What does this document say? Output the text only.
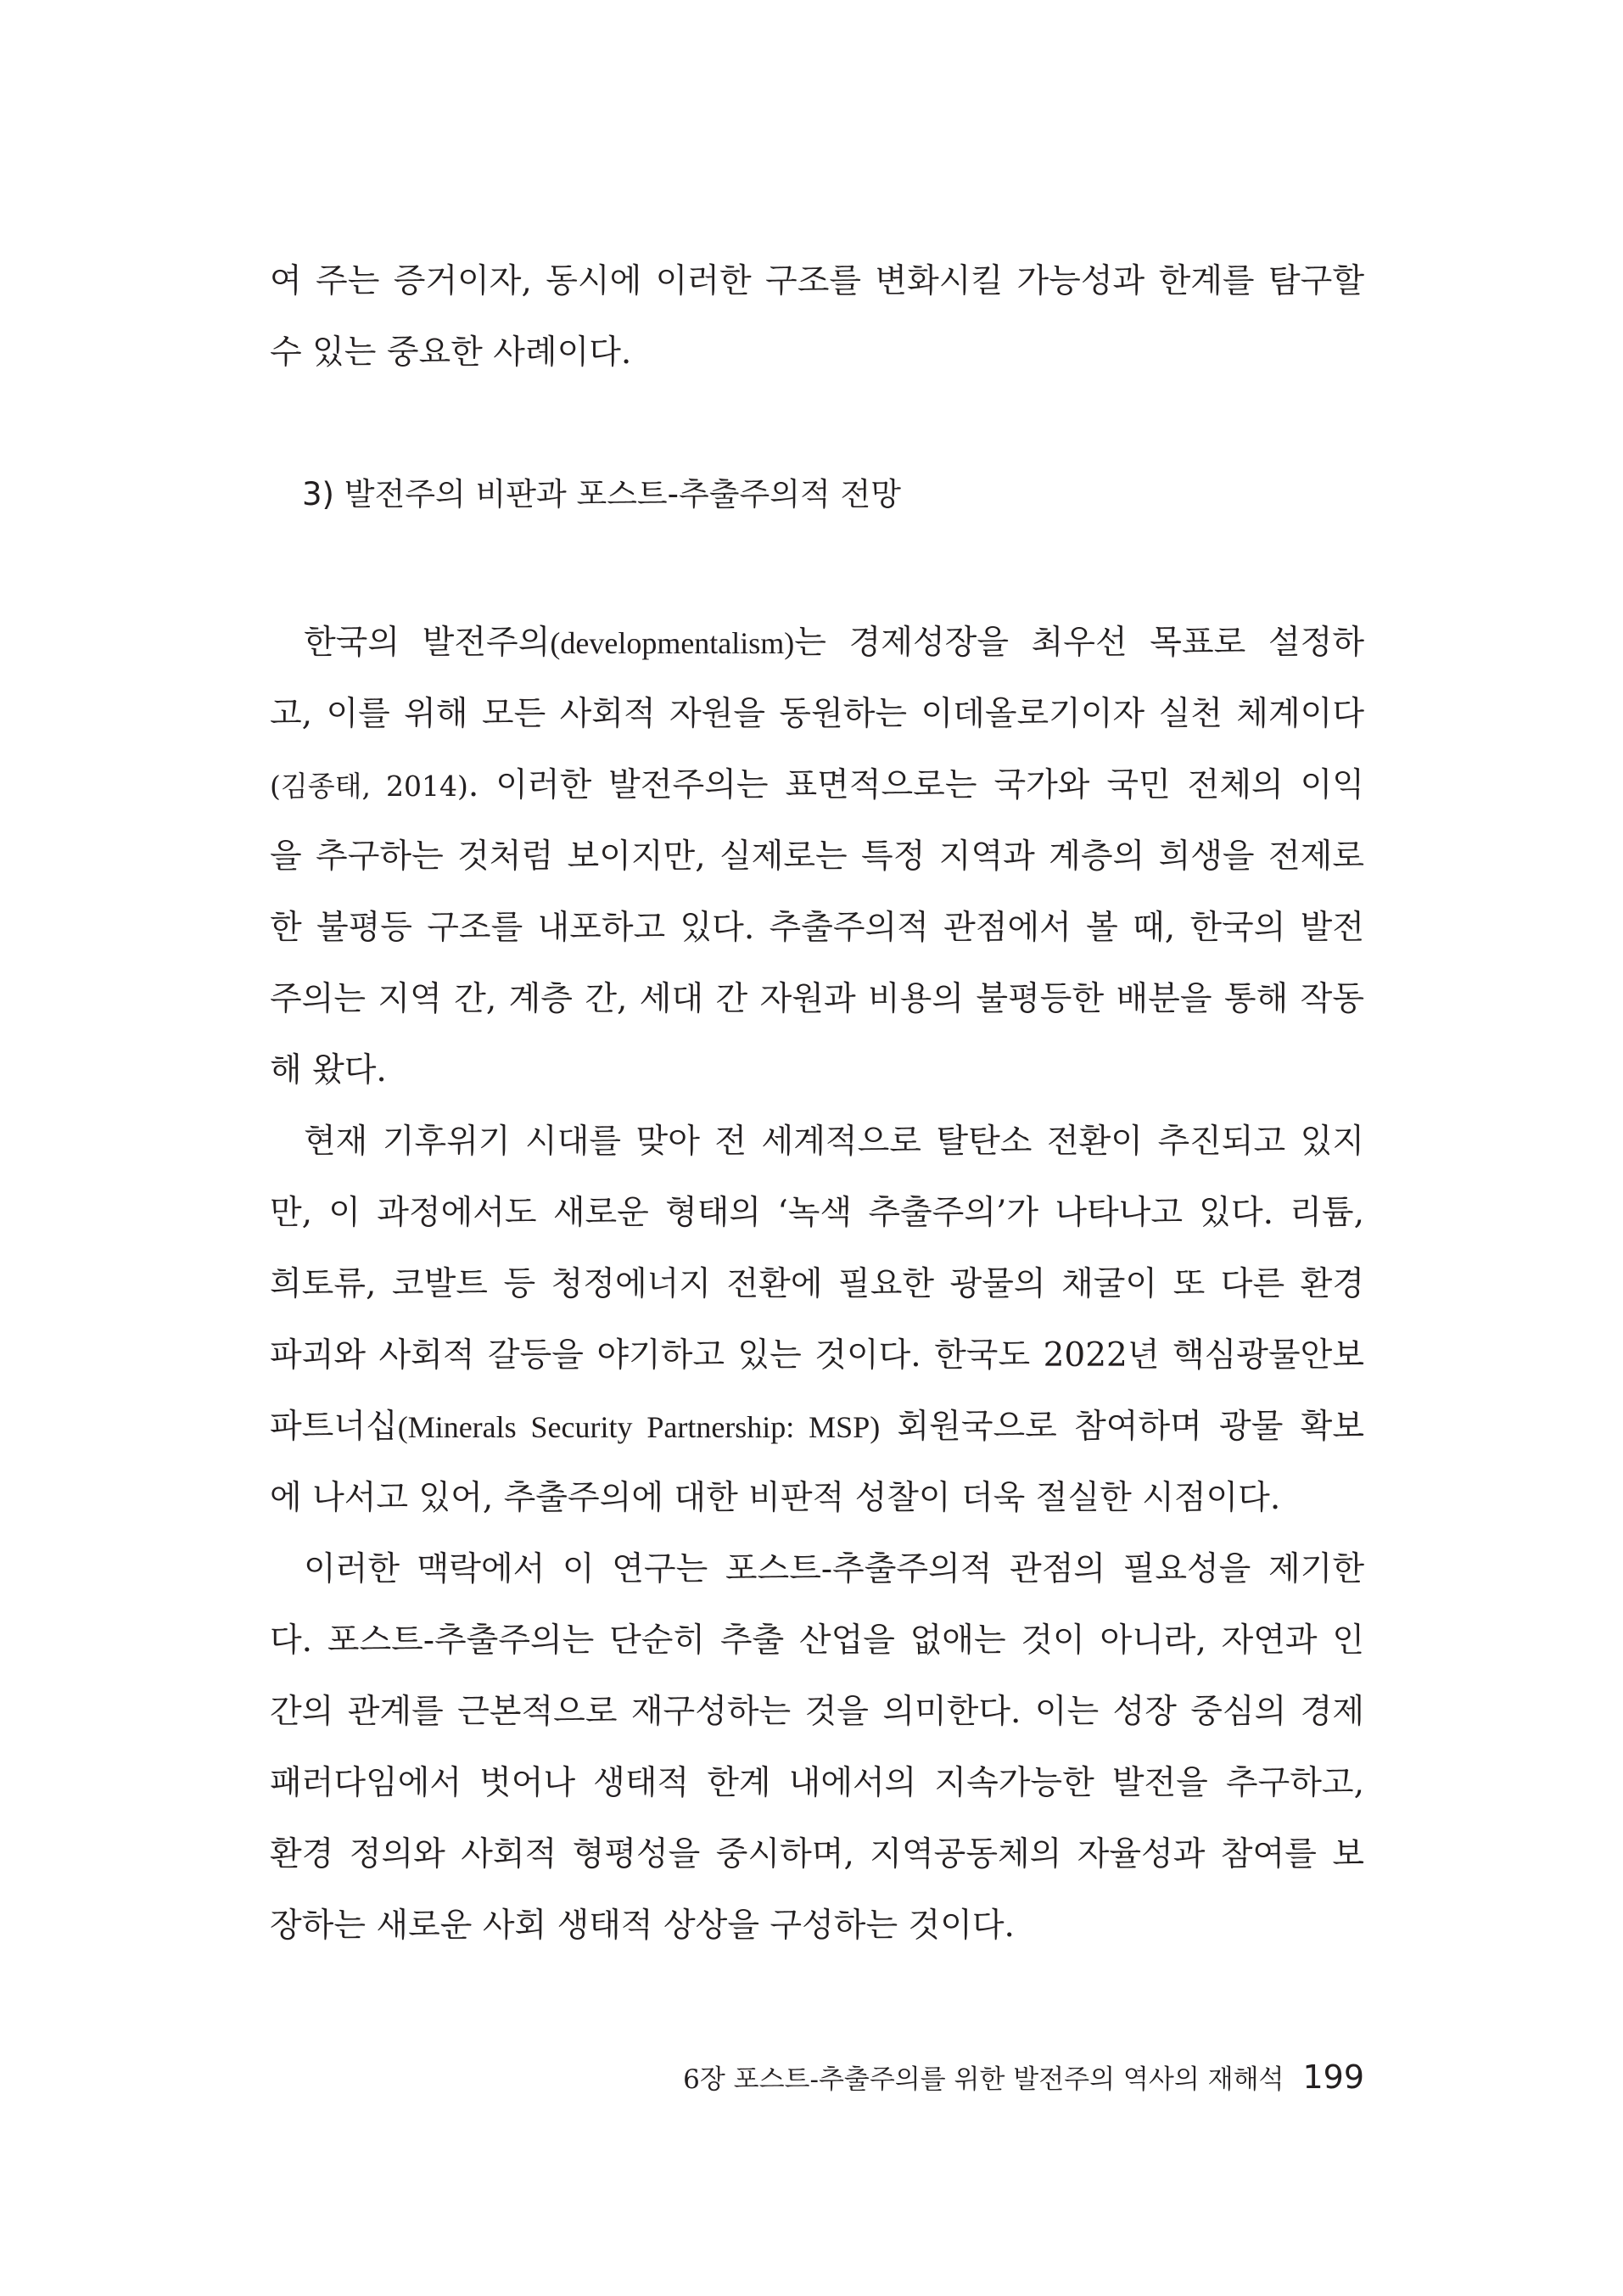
여 주는 증거이자, 동시에 이러한 구조를 변화시킬 가능성과 한계를 탐구할
수 있는 중요한 사례이다.
3) 발전주의 비판과 포스트-추출주의적 전망
한국의 발전주의(developmentalism)는 경제성장을 최우선 목표로 설정하
고, 이를 위해 모든 사회적 자원을 동원하는 이데올로기이자 실천 체계이다
(김종태, 2014). 이러한 발전주의는 표면적으로는 국가와 국민 전체의 이익
을 추구하는 것처럼 보이지만, 실제로는 특정 지역과 계층의 희생을 전제로
한 불평등 구조를 내포하고 있다. 추출주의적 관점에서 볼 때, 한국의 발전
주의는 지역 간, 계층 간, 세대 간 자원과 비용의 불평등한 배분을 통해 작동
해 왔다.
현재 기후위기 시대를 맞아 전 세계적으로 탈탄소 전환이 추진되고 있지
만, 이 과정에서도 새로운 형태의 ‘녹색 추출주의’가 나타나고 있다. 리튬,
희토류, 코발트 등 청정에너지 전환에 필요한 광물의 채굴이 또 다른 환경
파괴와 사회적 갈등을 야기하고 있는 것이다. 한국도 2022년 핵심광물안보
파트너십(Minerals Security Partnership: MSP) 회원국으로 참여하며 광물 확보
에 나서고 있어, 추출주의에 대한 비판적 성찰이 더욱 절실한 시점이다.
이러한 맥락에서 이 연구는 포스트-추출주의적 관점의 필요성을 제기한
다. 포스트-추출주의는 단순히 추출 산업을 없애는 것이 아니라, 자연과 인
간의 관계를 근본적으로 재구성하는 것을 의미한다. 이는 성장 중심의 경제
패러다임에서 벗어나 생태적 한계 내에서의 지속가능한 발전을 추구하고,
환경 정의와 사회적 형평성을 중시하며, 지역공동체의 자율성과 참여를 보
장하는 새로운 사회 생태적 상상을 구성하는 것이다.
6장 포스트-추출주의를 위한 발전주의 역사의 재해석 199
